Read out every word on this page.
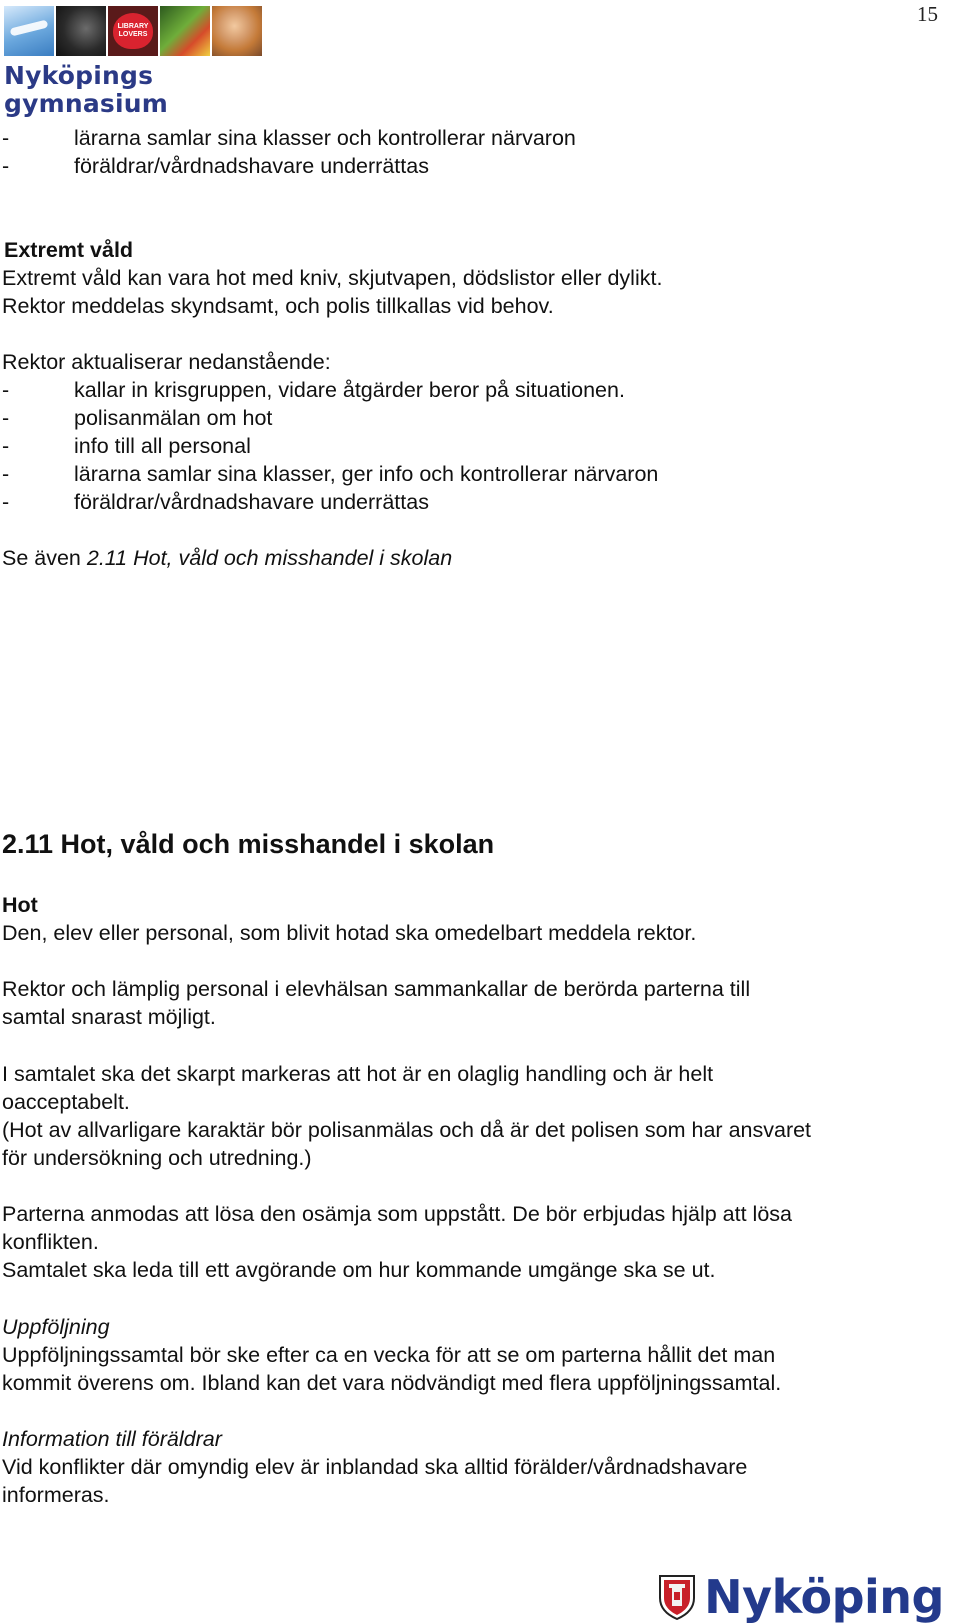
15
LIBRARY
LOVERS
Nyköpings
gymnasium
-	lärarna samlar sina klasser och kontrollerar närvaron
-	föräldrar/vårdnadshavare underrättas
Extremt våld
Extremt våld kan vara hot med kniv, skjutvapen, dödslistor eller dylikt.
Rektor meddelas skyndsamt, och polis tillkallas vid behov.
Rektor aktualiserar nedanstående:
-	kallar in krisgruppen, vidare åtgärder beror på situationen.
-	polisanmälan om hot
-	info till all personal
-	lärarna samlar sina klasser, ger info och kontrollerar närvaron
-	föräldrar/vårdnadshavare underrättas
Se även 2.11 Hot, våld och misshandel i skolan
2.11 Hot, våld och misshandel i skolan
Hot
Den, elev eller personal, som blivit hotad ska omedelbart meddela rektor.
Rektor och lämplig personal i elevhälsan sammankallar de berörda parterna till
samtal snarast möjligt.
I samtalet ska det skarpt markeras att hot är en olaglig handling och är helt
oacceptabelt.
(Hot av allvarligare karaktär bör polisanmälas och då är det polisen som har ansvaret
för undersökning och utredning.)
Parterna anmodas att lösa den osämja som uppstått. De bör erbjudas hjälp att lösa
konflikten.
Samtalet ska leda till ett avgörande om hur kommande umgänge ska se ut.
Uppföljning
Uppföljningssamtal bör ske efter ca en vecka för att se om parterna hållit det man
kommit överens om. Ibland kan det vara nödvändigt med flera uppföljningssamtal.
Information till föräldrar
Vid konflikter där omyndig elev är inblandad ska alltid förälder/vårdnadshavare
informeras.
Nyköping
